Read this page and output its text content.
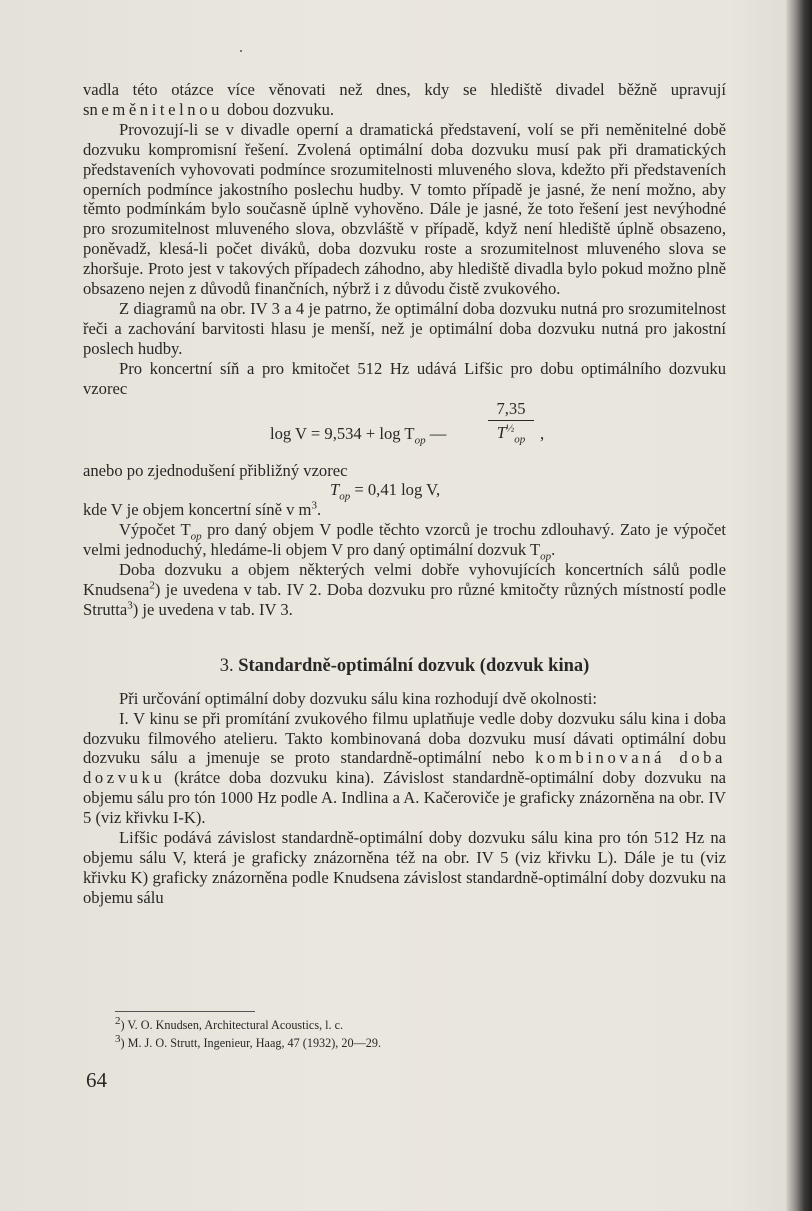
vadla této otázce více věnovati než dnes, kdy se hlediště divadel běžně upravují sneměnitelnou dobou dozvuku.

Provozují-li se v divadle operní a dramatická představení, volí se při neměnitelné době dozvuku kompromisní řešení. Zvolená optimální doba dozvuku musí pak při dramatických představeních vyhovovati podmínce srozumitelnosti mluveného slova, kdežto při představeních operních podmínce jakostního poslechu hudby. V tomto případě je jasné, že není možno, aby těmto podmínkám bylo současně úplně vyhověno. Dále je jasné, že toto řešení jest nevýhodné pro srozumitelnost mluveného slova, obzvláště v případě, když není hlediště úplně obsazeno, poněvadž, klesá-li počet diváků, doba dozvuku roste a srozumitelnost mluveného slova se zhoršuje. Proto jest v takových případech záhodno, aby hlediště divadla bylo pokud možno plně obsazeno nejen z důvodů finančních, nýbrž i z důvodu čistě zvukového.

Z diagramů na obr. IV 3 a 4 je patrno, že optimální doba dozvuku nutná pro srozumitelnost řeči a zachování barvitosti hlasu je menší, než je optimální doba dozvuku nutná pro jakostní poslech hudby.

Pro koncertní síň a pro kmitočet 512 Hz udává Lifšic pro dobu optimálního dozvuku vzorec

$\log V = 9,534 + \log T_{op}$ —	$\frac{7,35}{T^{\frac{1}{2}}_{op}}$ ,

anebo po zjednodušení přibližný vzorec

$T_{op} = 0,41$ log V,

kde V je objem koncertní síně v $m^3$.

Výpočet $T_{op}$ pro daný objem V podle těchto vzorců je trochu zdlouhavý. Zato je výpočet velmi jednoduchý, hledáme-li objem V pro daný optimální dozvuk $T_{op}$.

Doba dozvuku a objem některých velmi dobře vyhovujících koncertních sálů podle Knudsena$^2$) je uvedena v tab. IV 2. Doba dozvuku pro různé kmitočty různých místností podle Strutta$^3$) je uvedena v tab. IV 3.

3. Standardně-optimální dozvuk (dozvuk kina)

Při určování optimální doby dozvuku sálu kina rozhodují dvě okolnosti:

I. V kinu se při promítání zvukového filmu uplatňuje vedle doby dozvuku sálu kina i doba dozvuku filmového atelieru. Takto kombinovaná doba dozvuku musí dávati optimální dobu dozvuku sálu a jmenuje se proto standardně-optimální nebo kombinovaná doba dozvuku (krátce doba dozvuku kina). Závislost standardně-optimální doby dozvuku na objemu sálu pro tón 1000 Hz podle A. Indlina a A. Kačeroviče je graficky znázorněna na obr. IV 5 (viz křivku I-K).

Lifšic podává závislost standardně-optimální doby dozvuku sálu kina pro tón 512 Hz na objemu sálu V, která je graficky znázorněna též na obr. IV 5 (viz křivku L). Dále je tu (viz křivku K) graficky znázorněna podle Knudsena závislost standardně-optimální doby dozvuku na objemu sálu

$^2$) V. O. Knudsen, Architectural Acoustics, l. c.

$^3$) M. J. O. Strutt, Ingenieur, Haag, 47 (1932), 20—29.

64
